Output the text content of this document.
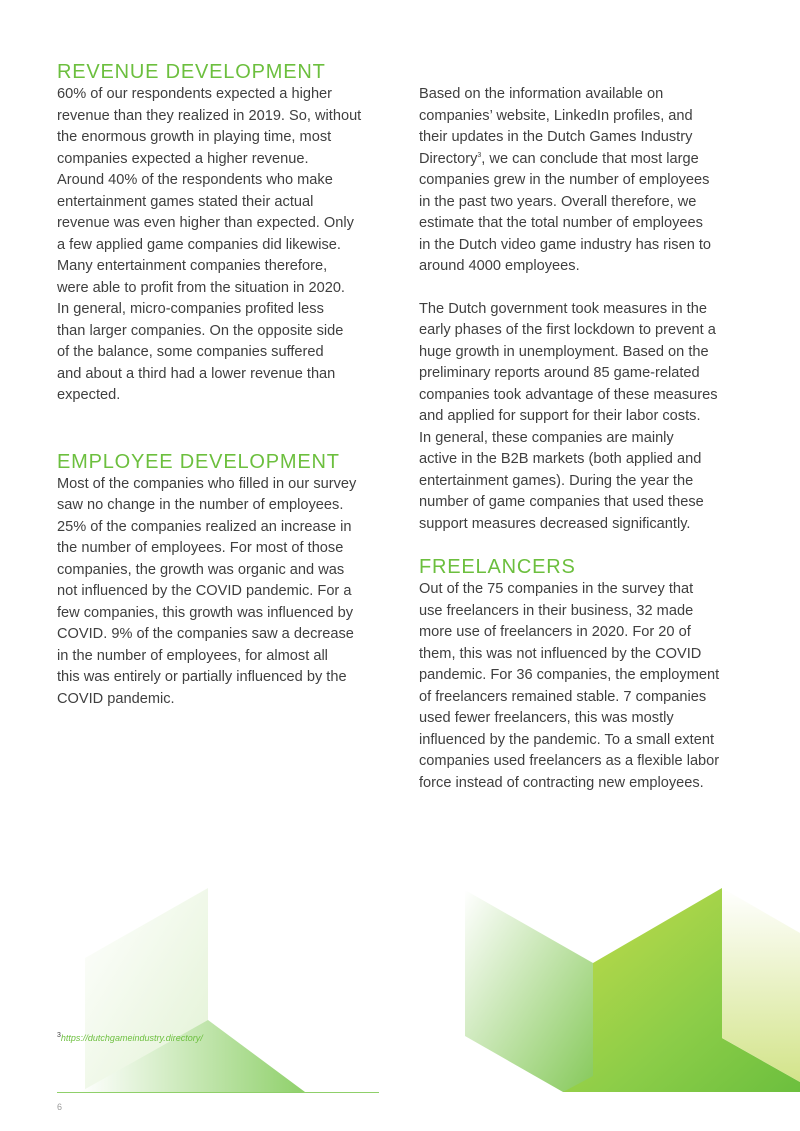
REVENUE DEVELOPMENT

60% of our respondents expected a higher
revenue than they realized in 2019. So, without
the enormous growth in playing time, most
companies expected a higher revenue.
Around 40% of the respondents who make
entertainment games stated their actual
revenue was even higher than expected. Only
a few applied game companies did likewise.
Many entertainment companies therefore,
were able to profit from the situation in 2020.
In general, micro-companies profited less
than larger companies. On the opposite side
of the balance, some companies suffered
and about a third had a lower revenue than
expected.

EMPLOYEE DEVELOPMENT

Most of the companies who filled in our survey
saw no change in the number of employees.
25% of the companies realized an increase in
the number of employees. For most of those
companies, the growth was organic and was
not influenced by the COVID pandemic. For a
few companies, this growth was influenced by
COVID. 9% of the companies saw a decrease
in the number of employees, for almost all
this was entirely or partially influenced by the
COVID pandemic.

Based on the information available on
companies’ website, LinkedIn profiles, and
their updates in the Dutch Games Industry
Directory$^3$, we can conclude that most large
companies grew in the number of employees
in the past two years. Overall therefore, we
estimate that the total number of employees
in the Dutch video game industry has risen to
around 4000 employees.

The Dutch government took measures in the
early phases of the first lockdown to prevent a
huge growth in unemployment. Based on the
preliminary reports around 85 game-related
companies took advantage of these measures
and applied for support for their labor costs.
In general, these companies are mainly
active in the B2B markets (both applied and
entertainment games). During the year the
number of game companies that used these
support measures decreased significantly.

FREELANCERS

Out of the 75 companies in the survey that
use freelancers in their business, 32 made
more use of freelancers in 2020. For 20 of
them, this was not influenced by the COVID
pandemic. For 36 companies, the employment
of freelancers remained stable. 7 companies
used fewer freelancers, this was mostly
influenced by the pandemic. To a small extent
companies used freelancers as a flexible labor
force instead of contracting new employees.

$^3$https://dutchgameindustry.directory/
6
